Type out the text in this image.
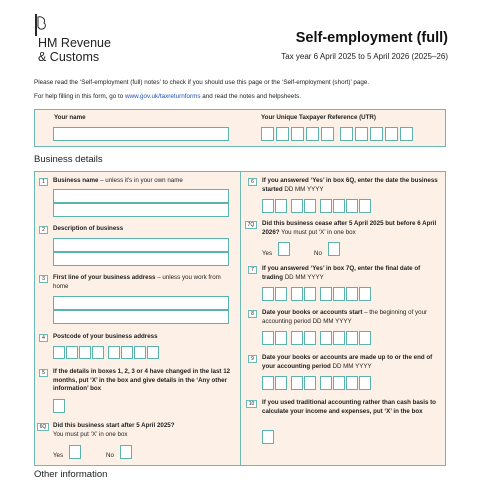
HM Revenue
& Customs
Self-employment (full)
Tax year 6 April 2025 to 5 April 2026 (2025–26)
Please read the ‘Self-employment (full) notes’ to check if you should use this page or the ‘Self-employment (short)’ page.
For help filling in this form, go to www.gov.uk/taxreturnforms and read the notes and helpsheets.
Your name	Your Unique Taxpayer Reference (UTR)
Business details
1	Business name – unless it's in your own name
2	Description of business
3	First line of your business address – unless you work from home
4	Postcode of your business address
5	If the details in boxes 1, 2, 3 or 4 have changed in the last 12 months, put ‘X’ in the box and give details in the ‘Any other information’ box
6Q	Did this business start after 5 April 2025?
You must put ‘X’ in one box
Yes	No
6	If you answered ‘Yes’ in box 6Q, enter the date the business started DD MM YYYY
7Q	Did this business cease after 5 April 2025 but before 6 April 2026? You must put ‘X’ in one box
Yes	No
7	If you answered ‘Yes’ in box 7Q, enter the final date of trading DD MM YYYY
8	Date your books or accounts start – the beginning of your accounting period DD MM YYYY
9	Date your books or accounts are made up to or the end of your accounting period DD MM YYYY
10	If you used traditional accounting rather than cash basis to calculate your income and expenses, put ‘X’ in the box
Other information
